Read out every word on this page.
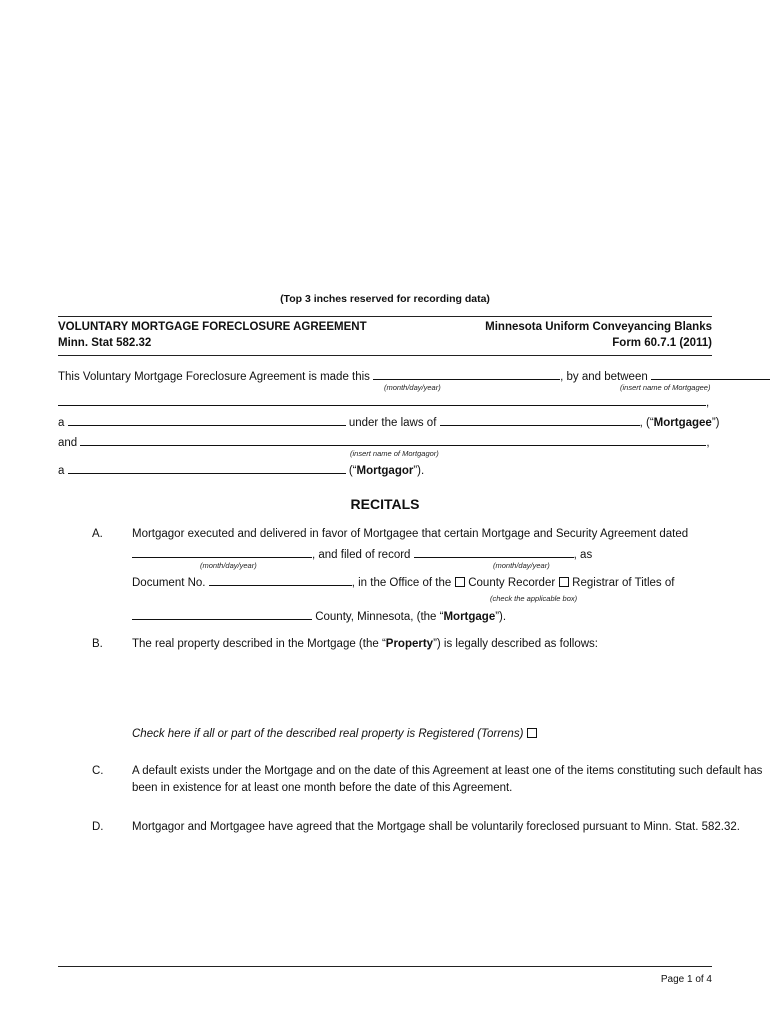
(Top 3 inches reserved for recording data)
VOLUNTARY MORTGAGE FORECLOSURE AGREEMENT
Minn. Stat 582.32
Minnesota Uniform Conveyancing Blanks
Form 60.7.1 (2011)
This Voluntary Mortgage Foreclosure Agreement is made this	, by and between
(month/day/year)	(insert name of Mortgagee)
,
a	under the laws of	, (“Mortgagee”)
and	,
(insert name of Mortgagor)
a	(“Mortgagor”).
RECITALS
A.	Mortgagor executed and delivered in favor of Mortgagee that certain Mortgage and Security Agreement dated
, and filed of record	, as
(month/day/year)	(month/day/year)
Document No.	, in the Office of the County Recorder Registrar of Titles of
(check the applicable box)
County, Minnesota, (the “Mortgage”).
B.	The real property described in the Mortgage (the “Property”) is legally described as follows:
Check here if all or part of the described real property is Registered (Torrens)
C. A default exists under the Mortgage and on the date of this Agreement at least one of the items constituting such default has
been in existence for at least one month before the date of this Agreement.
D. Mortgagor and Mortgagee have agreed that the Mortgage shall be voluntarily foreclosed pursuant to Minn. Stat. 582.32.
Page 1 of 4
